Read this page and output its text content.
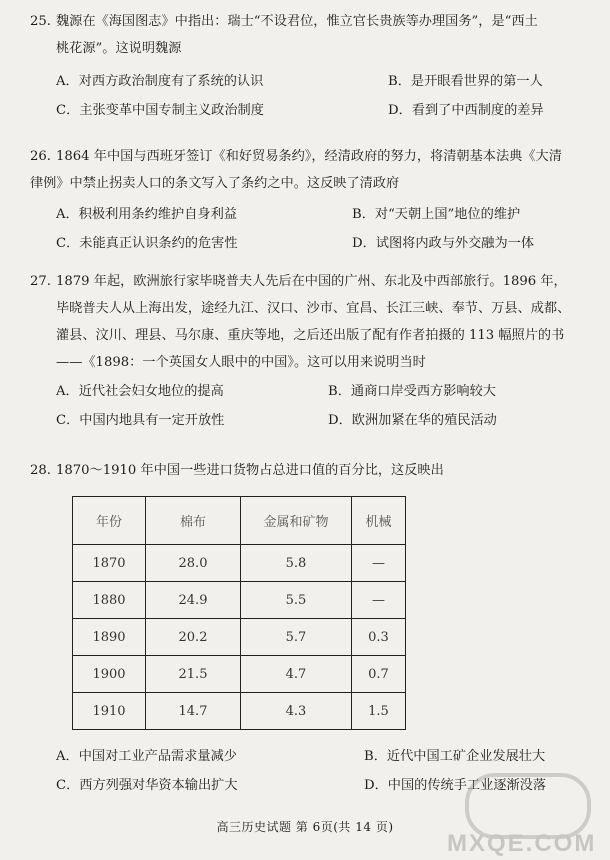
25. 魏源在《海国图志》中指出：瑞士“不设君位，惟立官长贵族等办理国务”，是“西土
桃花源”。这说明魏源
A．对西方政治制度有了系统的认识	B．是开眼看世界的第一人
C．主张变革中国专制主义政治制度	D．看到了中西制度的差异
26. 1864 年中国与西班牙签订《和好贸易条约》，经清政府的努力，将清朝基本法典《大清
律例》中禁止拐卖人口的条文写入了条约之中。这反映了清政府
A．积极利用条约维护自身利益	B．对“天朝上国”地位的维护
C．未能真正认识条约的危害性	D．试图将内政与外交融为一体
27. 1879 年起，欧洲旅行家毕晓普夫人先后在中国的广州、东北及中西部旅行。1896 年，
毕晓普夫人从上海出发，途经九江、汉口、沙市、宜昌、长江三峡、奉节、万县、成都、
灌县、汶川、理县、马尔康、重庆等地，之后还出版了配有作者拍摄的 113 幅照片的书
——《1898：一个英国女人眼中的中国》。这可以用来说明当时
A．近代社会妇女地位的提高	B．通商口岸受西方影响较大
C．中国内地具有一定开放性	D．欧洲加紧在华的殖民活动
28. 1870～1910 年中国一些进口货物占总进口值的百分比，这反映出
年份	棉布	金属和矿物	机械
1870	28.0	5.8	—
1880	24.9	5.5	—
1890	20.2	5.7	0.3
1900	21.5	4.7	0.7
1910	14.7	4.3	1.5
A．中国对工业产品需求量减少	B．近代中国工矿企业发展壮大
C．西方列强对华资本输出扩大	D．中国的传统手工业逐渐没落
高三历史试题 第 6页(共 14 页)
MXQE.COM
